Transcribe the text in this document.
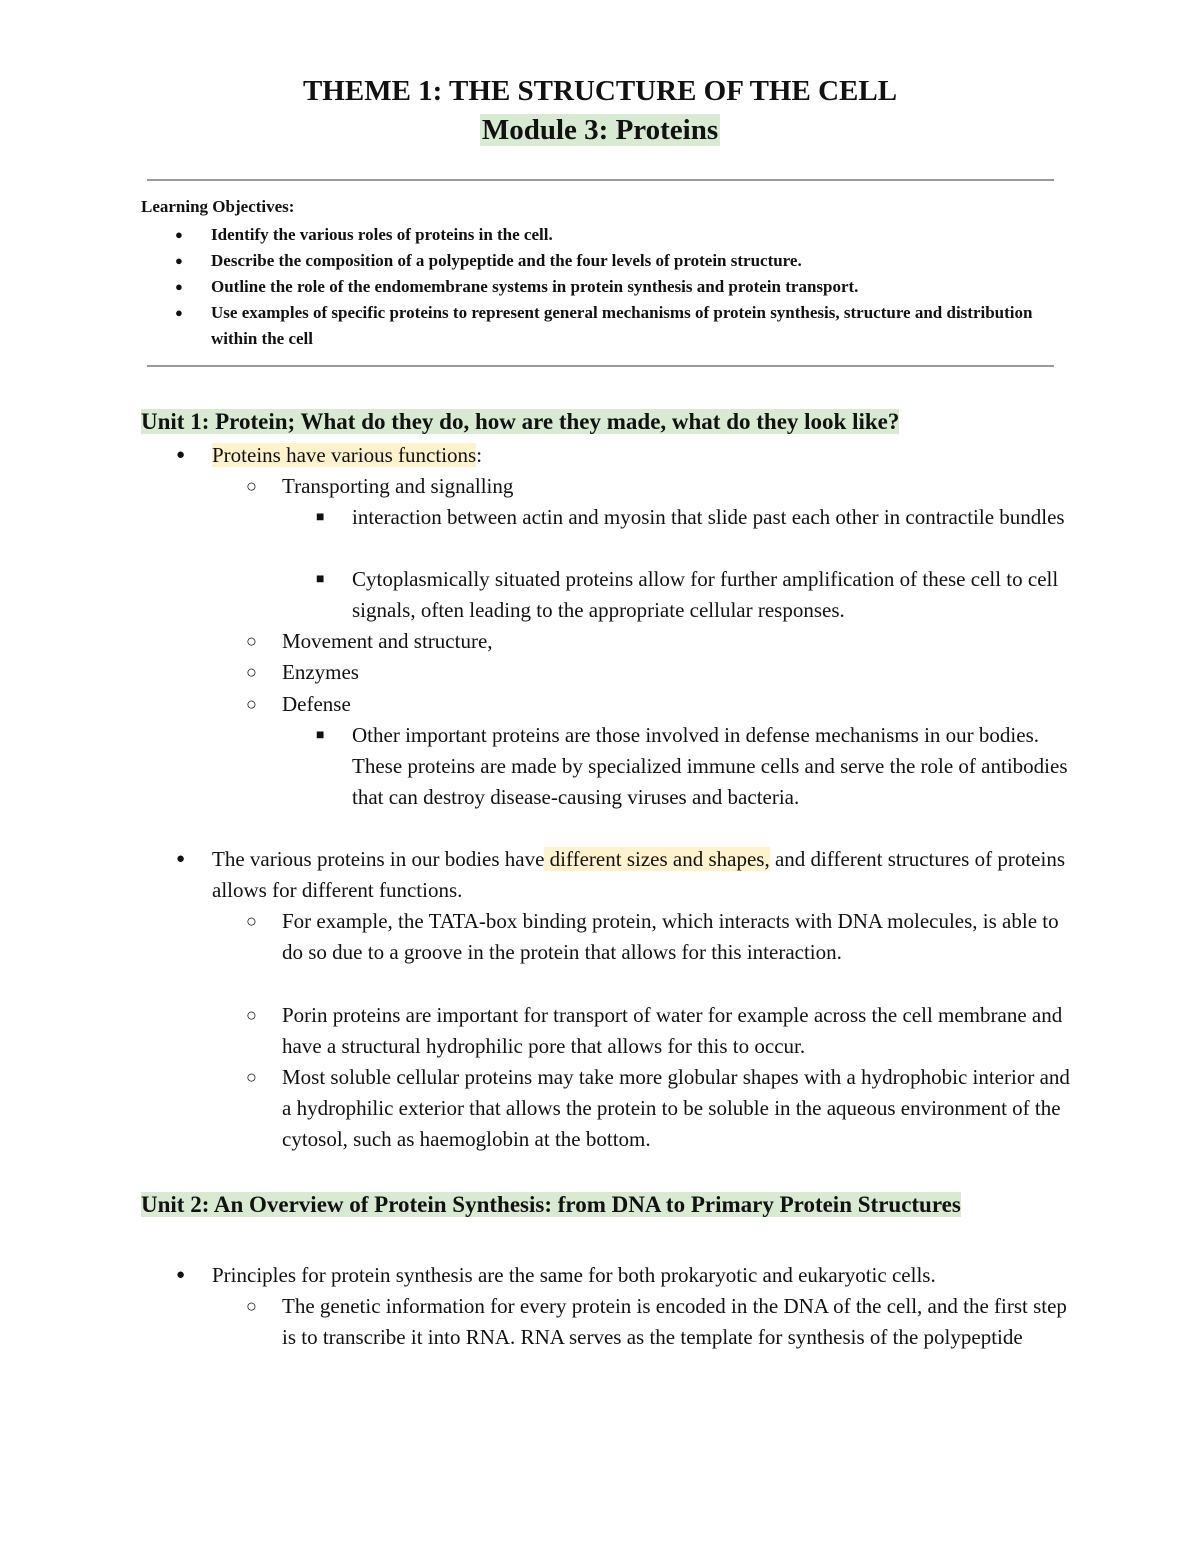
THEME 1: THE STRUCTURE OF THE CELL
Module 3: Proteins
Learning Objectives:
● Identify the various roles of proteins in the cell.
● Describe the composition of a polypeptide and the four levels of protein structure.
● Outline the role of the endomembrane systems in protein synthesis and protein transport.
● Use examples of specific proteins to represent general mechanisms of protein synthesis, structure and distribution within the cell
Unit 1: Protein; What do they do, how are they made, what do they look like?
● Proteins have various functions:
○ Transporting and signalling
■ interaction between actin and myosin that slide past each other in contractile bundles
■ Cytoplasmically situated proteins allow for further amplification of these cell to cell signals, often leading to the appropriate cellular responses.
○ Movement and structure,
○ Enzymes
○ Defense
■ Other important proteins are those involved in defense mechanisms in our bodies. These proteins are made by specialized immune cells and serve the role of antibodies that can destroy disease-causing viruses and bacteria.
● The various proteins in our bodies have different sizes and shapes, and different structures of proteins allows for different functions.
○ For example, the TATA-box binding protein, which interacts with DNA molecules, is able to do so due to a groove in the protein that allows for this interaction.
○ Porin proteins are important for transport of water for example across the cell membrane and have a structural hydrophilic pore that allows for this to occur.
○ Most soluble cellular proteins may take more globular shapes with a hydrophobic interior and a hydrophilic exterior that allows the protein to be soluble in the aqueous environment of the cytosol, such as haemoglobin at the bottom.
Unit 2: An Overview of Protein Synthesis: from DNA to Primary Protein Structures
● Principles for protein synthesis are the same for both prokaryotic and eukaryotic cells.
○ The genetic information for every protein is encoded in the DNA of the cell, and the first step is to transcribe it into RNA. RNA serves as the template for synthesis of the polypeptide
